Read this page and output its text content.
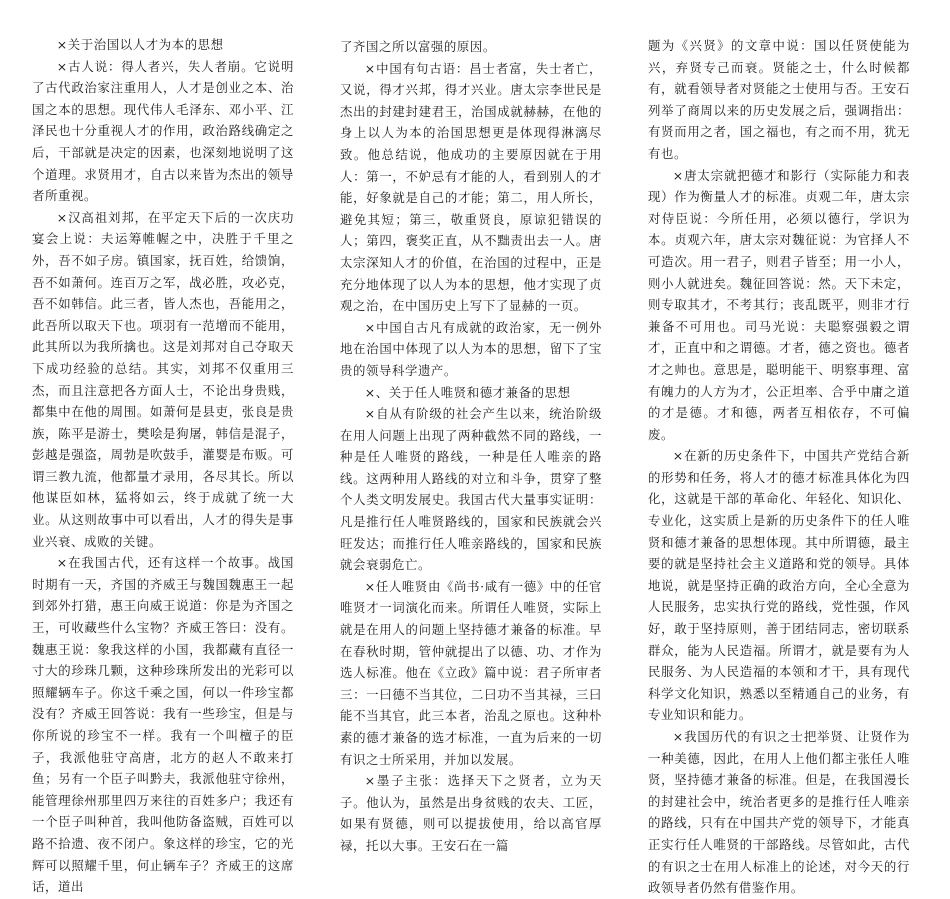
×关于治国以人才为本的思想

×古人说：得人者兴，失人者崩。它说明了古代政治家注重用人，人才是创业之本、治国之本的思想。现代伟人毛泽东、邓小平、江泽民也十分重视人才的作用，政治路线确定之后，干部就是决定的因素，也深刻地说明了这个道理。求贤用才，自古以来皆为杰出的领导者所重视。

×汉高祖刘邦，在平定天下后的一次庆功宴会上说：夫运筹帷幄之中，决胜于千里之外，吾不如子房。镇国家，抚百姓，给馈饷，吾不如萧何。连百万之军，战必胜，攻必克，吾不如韩信。此三者，皆人杰也，吾能用之，此吾所以取天下也。项羽有一范增而不能用，此其所以为我所擒也。这是刘邦对自己夺取天下成功经验的总结。其实，刘邦不仅重用三杰，而且注意把各方面人士，不论出身贵贱，都集中在他的周围。如萧何是县吏，张良是贵族，陈平是游士，樊哙是狗屠，韩信是混子，彭越是强盗，周勃是吹鼓手，灌婴是布贩。可谓三教九流，他都量才录用，各尽其长。所以他谋臣如林，猛将如云，终于成就了统一大业。从这则故事中可以看出，人才的得失是事业兴衰、成败的关键。

×在我国古代，还有这样一个故事。战国时期有一天，齐国的齐威王与魏国魏惠王一起到郊外打猎，惠王向威王说道：你是为齐国之王，可收藏些什么宝物？齐威王答曰：没有。魏惠王说：象我这样的小国，我都藏有直径一寸大的珍珠几颗，这种珍珠所发出的光彩可以照耀辆车子。你这千乘之国，何以一件珍宝都没有？齐威王回答说：我有一些珍宝，但是与你所说的珍宝不一样。我有一个叫檀子的臣子，我派他驻守高唐，北方的赵人不敢来打鱼；另有一个臣子叫黔夫，我派他驻守徐州，能管理徐州那里四万来往的百姓多户；我还有一个臣子叫种首，我叫他防备盗贼，百姓可以路不拾遗、夜不闭户。象这样的珍宝，它的光辉可以照耀千里，何止辆车子？齐威王的这席话，道出

了齐国之所以富强的原因。

×中国有句古语：昌士者富，失士者亡，又说，得才兴邦，得才兴业。唐太宗李世民是杰出的封建封建君王，治国成就赫赫，在他的身上以人为本的治国思想更是体现得淋漓尽致。他总结说，他成功的主要原因就在于用人：第一，不妒忌有才能的人，看到别人的才能，好象就是自己的才能；第二，用人所长，避免其短；第三，敬重贤良，原谅犯错误的人；第四，褒奖正直，从不黜责出去一人。唐太宗深知人才的价值，在治国的过程中，正是充分地体现了以人为本的思想，他才实现了贞观之治，在中国历史上写下了显赫的一页。

×中国自古凡有成就的政治家，无一例外地在治国中体现了以人为本的思想，留下了宝贵的领导科学遗产。

×、关于任人唯贤和德才兼备的思想

×自从有阶级的社会产生以来，统治阶级在用人问题上出现了两种截然不同的路线，一种是任人唯贤的路线，一种是任人唯亲的路线。这两种用人路线的对立和斗争，贯穿了整个人类文明发展史。我国古代大量事实证明：凡是推行任人唯贤路线的，国家和民族就会兴旺发达；而推行任人唯亲路线的，国家和民族就会衰弱危亡。

×任人唯贤由《尚书·咸有一德》中的任官唯贤才一词演化而来。所谓任人唯贤，实际上就是在用人的问题上坚持德才兼备的标准。早在春秋时期，管仲就提出了以德、功、才作为选人标准。他在《立政》篇中说：君子所审者三：一曰德不当其位，二曰功不当其禄，三曰能不当其官，此三本者，治乱之原也。这种朴素的德才兼备的选才标准，一直为后来的一切有识之士所采用，并加以发展。

×墨子主张：选择天下之贤者，立为天子。他认为，虽然是出身贫贱的农夫、工匠，如果有贤德，则可以提拔使用，给以高官厚禄，托以大事。王安石在一篇

题为《兴贤》的文章中说：国以任贤使能为兴，弃贤专己而衰。贤能之士，什么时候都有，就看领导者对贤能之士使用与否。王安石列举了商周以来的历史发展之后，强调指出：有贤而用之者，国之福也，有之而不用，犹无有也。

×唐太宗就把德才和影行（实际能力和表现）作为衡量人才的标准。贞观二年，唐太宗对侍臣说：今所任用，必须以德行，学识为本。贞观六年，唐太宗对魏征说：为官择人不可造次。用一君子，则君子皆至；用一小人，则小人就进矣。魏征回答说：然。天下未定，则专取其才，不考其行；丧乱既平，则非才行兼备不可用也。司马光说：夫聪察强毅之谓才，正直中和之谓德。才者，德之资也。德者才之帅也。意思是，聪明能干、明察事理、富有魄力的人方为才，公正坦率、合乎中庸之道的才是德。才和德，两者互相依存，不可偏废。

×在新的历史条件下，中国共产党结合新的形势和任务，将人才的德才标准具体化为四化，这就是干部的革命化、年轻化、知识化、专业化，这实质上是新的历史条件下的任人唯贤和德才兼备的思想体现。其中所谓德，最主要的就是坚持社会主义道路和党的领导。具体地说，就是坚持正确的政治方向，全心全意为人民服务，忠实执行党的路线，党性强，作风好，敢于坚持原则，善于团结同志，密切联系群众，能为人民造福。所谓才，就是要有为人民服务、为人民造福的本领和才干，具有现代科学文化知识，熟悉以至精通自己的业务，有专业知识和能力。

×我国历代的有识之士把举贤、让贤作为一种美德，因此，在用人上他们都主张任人唯贤，坚持德才兼备的标准。但是，在我国漫长的封建社会中，统治者更多的是推行任人唯亲的路线，只有在中国共产党的领导下，才能真正实行任人唯贤的干部路线。尽管如此，古代的有识之士在用人标准上的论述，对今天的行政领导者仍然有借鉴作用。
